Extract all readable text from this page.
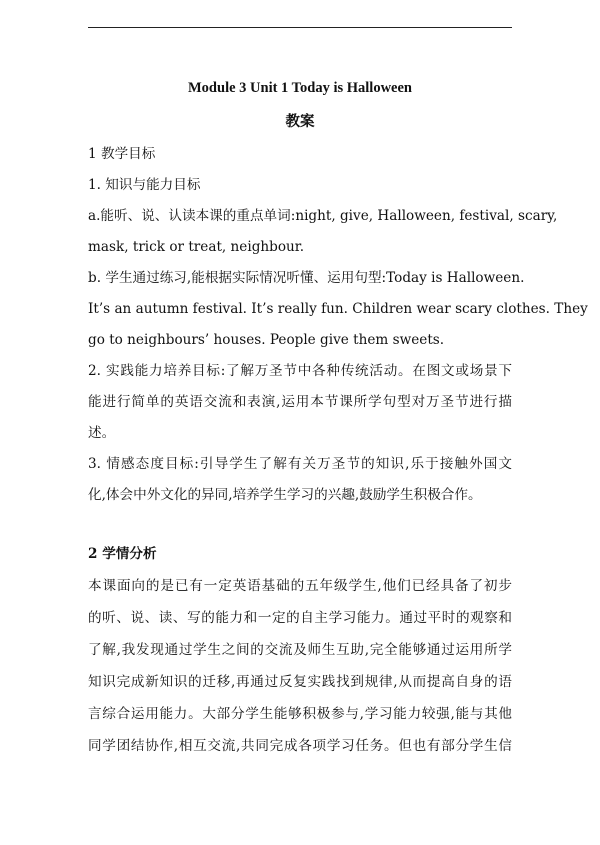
Module 3 Unit 1 Today is Halloween
教案
1 教学目标
1. 知识与能力目标
a.能听、说、认读本课的重点单词:night, give, Halloween, festival, scary,
mask, trick or treat, neighbour.
b. 学生通过练习,能根据实际情况听懂、运用句型:Today is Halloween.
It’s an autumn festival. It’s really fun. Children wear scary clothes. They
go to neighbours’ houses. People give them sweets.
2. 实践能力培养目标:了解万圣节中各种传统活动。在图文或场景下
能进行简单的英语交流和表演,运用本节课所学句型对万圣节进行描
述。
3. 情感态度目标:引导学生了解有关万圣节的知识,乐于接触外国文
化,体会中外文化的异同,培养学生学习的兴趣,鼓励学生积极合作。
2 学情分析
本课面向的是已有一定英语基础的五年级学生,他们已经具备了初步
的听、说、读、写的能力和一定的自主学习能力。通过平时的观察和
了解,我发现通过学生之间的交流及师生互助,完全能够通过运用所学
知识完成新知识的迁移,再通过反复实践找到规律,从而提高自身的语
言综合运用能力。大部分学生能够积极参与,学习能力较强,能与其他
同学团结协作,相互交流,共同完成各项学习任务。但也有部分学生信
